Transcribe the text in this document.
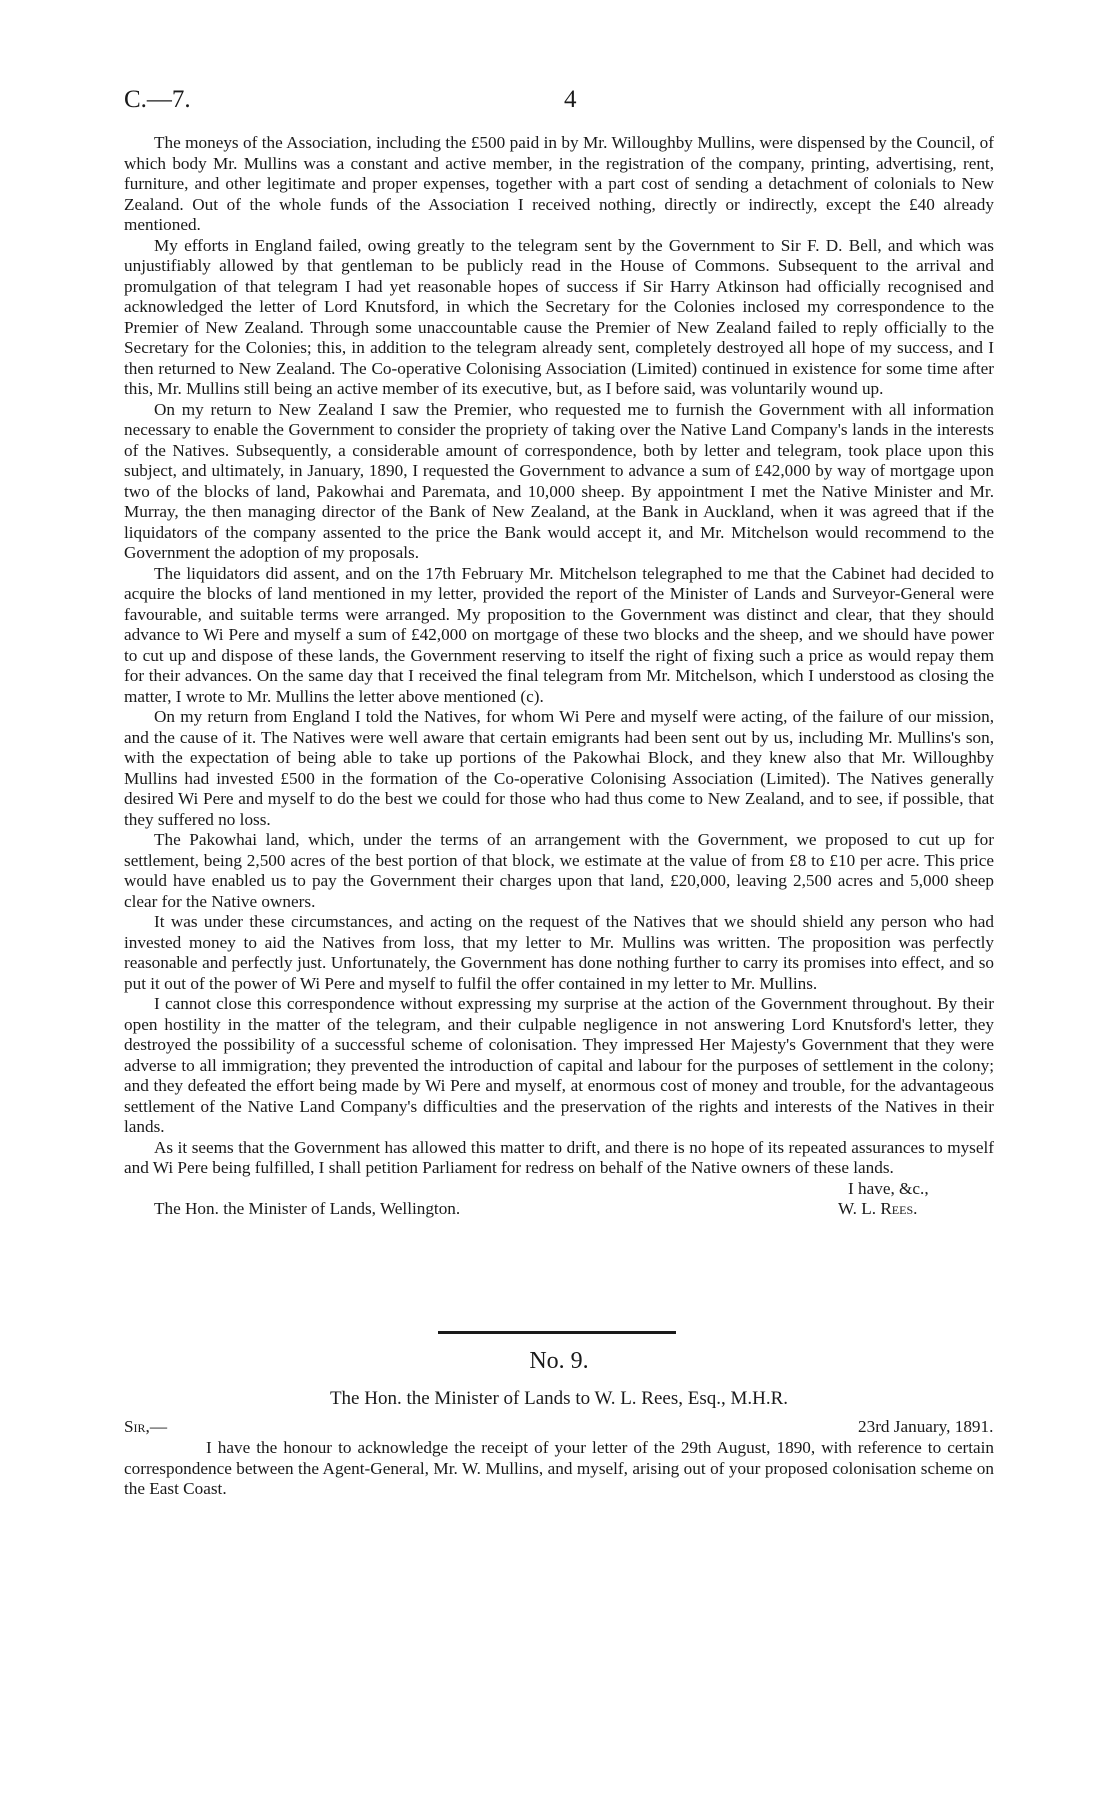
C.—7.	4

The moneys of the Association, including the £500 paid in by Mr. Willoughby Mullins, were dispensed by the Council, of which body Mr. Mullins was a constant and active member, in the registration of the company, printing, advertising, rent, furniture, and other legitimate and proper expenses, together with a part cost of sending a detachment of colonials to New Zealand. Out of the whole funds of the Association I received nothing, directly or indirectly, except the £40 already mentioned.

My efforts in England failed, owing greatly to the telegram sent by the Government to Sir F. D. Bell, and which was unjustifiably allowed by that gentleman to be publicly read in the House of Commons. Subsequent to the arrival and promulgation of that telegram I had yet reasonable hopes of success if Sir Harry Atkinson had officially recognised and acknowledged the letter of Lord Knutsford, in which the Secretary for the Colonies inclosed my correspondence to the Premier of New Zealand. Through some unaccountable cause the Premier of New Zealand failed to reply officially to the Secretary for the Colonies; this, in addition to the telegram already sent, completely destroyed all hope of my success, and I then returned to New Zealand. The Co-operative Colonising Association (Limited) continued in existence for some time after this, Mr. Mullins still being an active member of its executive, but, as I before said, was voluntarily wound up.

On my return to New Zealand I saw the Premier, who requested me to furnish the Government with all information necessary to enable the Government to consider the propriety of taking over the Native Land Company's lands in the interests of the Natives. Subsequently, a considerable amount of correspondence, both by letter and telegram, took place upon this subject, and ultimately, in January, 1890, I requested the Government to advance a sum of £42,000 by way of mortgage upon two of the blocks of land, Pakowhai and Paremata, and 10,000 sheep. By appointment I met the Native Minister and Mr. Murray, the then managing director of the Bank of New Zealand, at the Bank in Auckland, when it was agreed that if the liquidators of the company assented to the price the Bank would accept it, and Mr. Mitchelson would recommend to the Government the adoption of my proposals.

The liquidators did assent, and on the 17th February Mr. Mitchelson telegraphed to me that the Cabinet had decided to acquire the blocks of land mentioned in my letter, provided the report of the Minister of Lands and Surveyor-General were favourable, and suitable terms were arranged. My proposition to the Government was distinct and clear, that they should advance to Wi Pere and myself a sum of £42,000 on mortgage of these two blocks and the sheep, and we should have power to cut up and dispose of these lands, the Government reserving to itself the right of fixing such a price as would repay them for their advances. On the same day that I received the final telegram from Mr. Mitchelson, which I understood as closing the matter, I wrote to Mr. Mullins the letter above mentioned (c).

On my return from England I told the Natives, for whom Wi Pere and myself were acting, of the failure of our mission, and the cause of it. The Natives were well aware that certain emigrants had been sent out by us, including Mr. Mullins's son, with the expectation of being able to take up portions of the Pakowhai Block, and they knew also that Mr. Willoughby Mullins had invested £500 in the formation of the Co-operative Colonising Association (Limited). The Natives generally desired Wi Pere and myself to do the best we could for those who had thus come to New Zealand, and to see, if possible, that they suffered no loss.

The Pakowhai land, which, under the terms of an arrangement with the Government, we proposed to cut up for settlement, being 2,500 acres of the best portion of that block, we estimate at the value of from £8 to £10 per acre. This price would have enabled us to pay the Government their charges upon that land, £20,000, leaving 2,500 acres and 5,000 sheep clear for the Native owners.

It was under these circumstances, and acting on the request of the Natives that we should shield any person who had invested money to aid the Natives from loss, that my letter to Mr. Mullins was written. The proposition was perfectly reasonable and perfectly just. Unfortunately, the Government has done nothing further to carry its promises into effect, and so put it out of the power of Wi Pere and myself to fulfil the offer contained in my letter to Mr. Mullins.

I cannot close this correspondence without expressing my surprise at the action of the Government throughout. By their open hostility in the matter of the telegram, and their culpable negligence in not answering Lord Knutsford's letter, they destroyed the possibility of a successful scheme of colonisation. They impressed Her Majesty's Government that they were adverse to all immigration; they prevented the introduction of capital and labour for the purposes of settlement in the colony; and they defeated the effort being made by Wi Pere and myself, at enormous cost of money and trouble, for the advantageous settlement of the Native Land Company's difficulties and the preservation of the rights and interests of the Natives in their lands.

As it seems that the Government has allowed this matter to drift, and there is no hope of its repeated assurances to myself and Wi Pere being fulfilled, I shall petition Parliament for redress on behalf of the Native owners of these lands.

I have, &c.,
The Hon. the Minister of Lands, Wellington.	W. L. Rees.
No. 9.
The Hon. the Minister of Lands to W. L. Rees, Esq., M.H.R.
Sir,—	23rd January, 1891.

I have the honour to acknowledge the receipt of your letter of the 29th August, 1890, with reference to certain correspondence between the Agent-General, Mr. W. Mullins, and myself, arising out of your proposed colonisation scheme on the East Coast.
